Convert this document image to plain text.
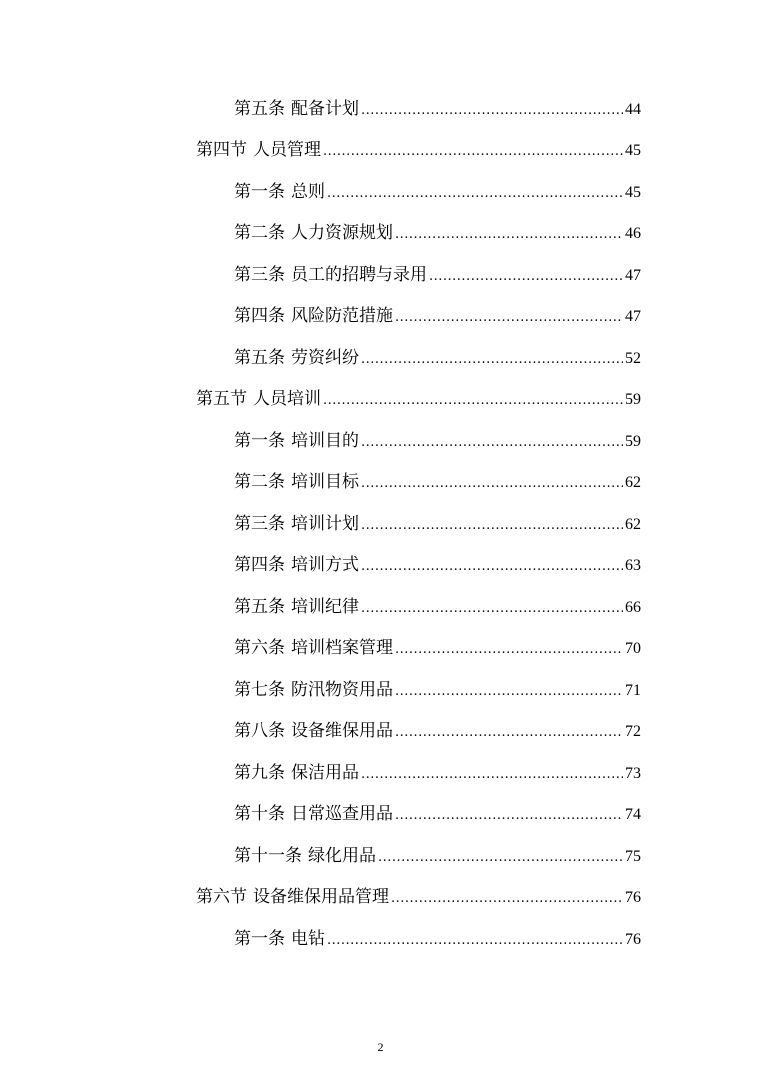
第五条 配备计划 .....	44
第四节 人员管理 .....	45
第一条 总则 .....	45
第二条 人力资源规划 .....	46
第三条 员工的招聘与录用 .....	47
第四条 风险防范措施 .....	47
第五条 劳资纠纷 .....	52
第五节 人员培训 .....	59
第一条 培训目的 .....	59
第二条 培训目标 .....	62
第三条 培训计划 .....	62
第四条 培训方式 .....	63
第五条 培训纪律 .....	66
第六条 培训档案管理 .....	70
第七条 防汛物资用品 .....	71
第八条 设备维保用品 .....	72
第九条 保洁用品 .....	73
第十条 日常巡查用品 .....	74
第十一条 绿化用品 .....	75
第六节 设备维保用品管理 .....	76
第一条 电钻 .....	76
2
